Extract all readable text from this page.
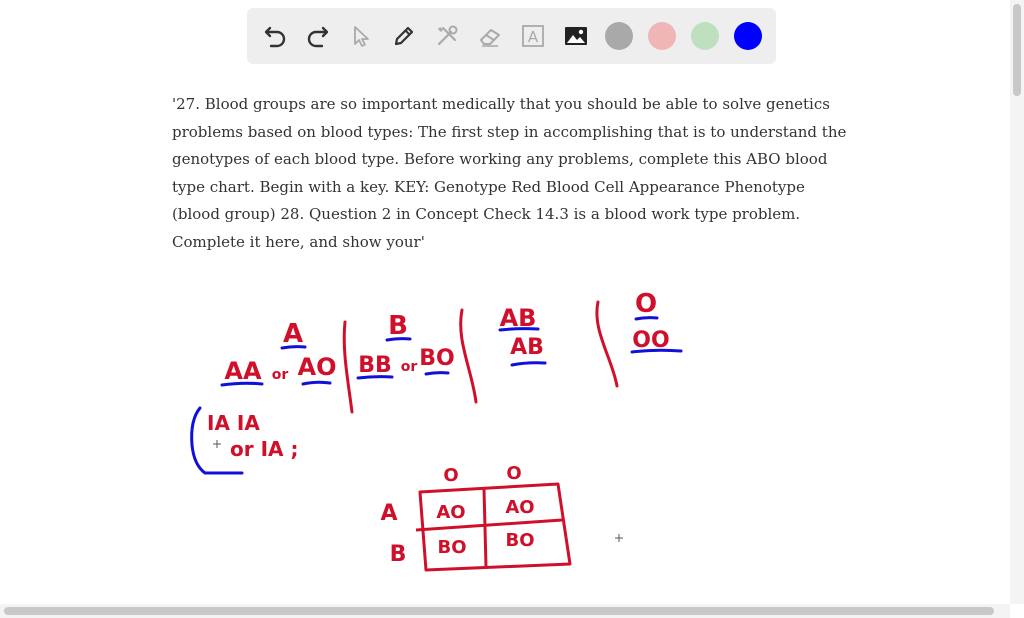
A

'27. Blood groups are so important medically that you should be able to solve genetics problems based on blood types: The first step in accomplishing that is to understand the genotypes of each blood type. Before working any problems, complete this ABO blood type chart. Begin with a key. KEY: Genotype Red Blood Cell Appearance Phenotype (blood group) 28. Question 2 in Concept Check 14.3 is a blood work type problem. Complete it here, and show your'

A
AA or AO
B
BB or BO
AB
AB
O
OO
IA IA
or IA ;
O	O
A
B
AO AO
BO BO
